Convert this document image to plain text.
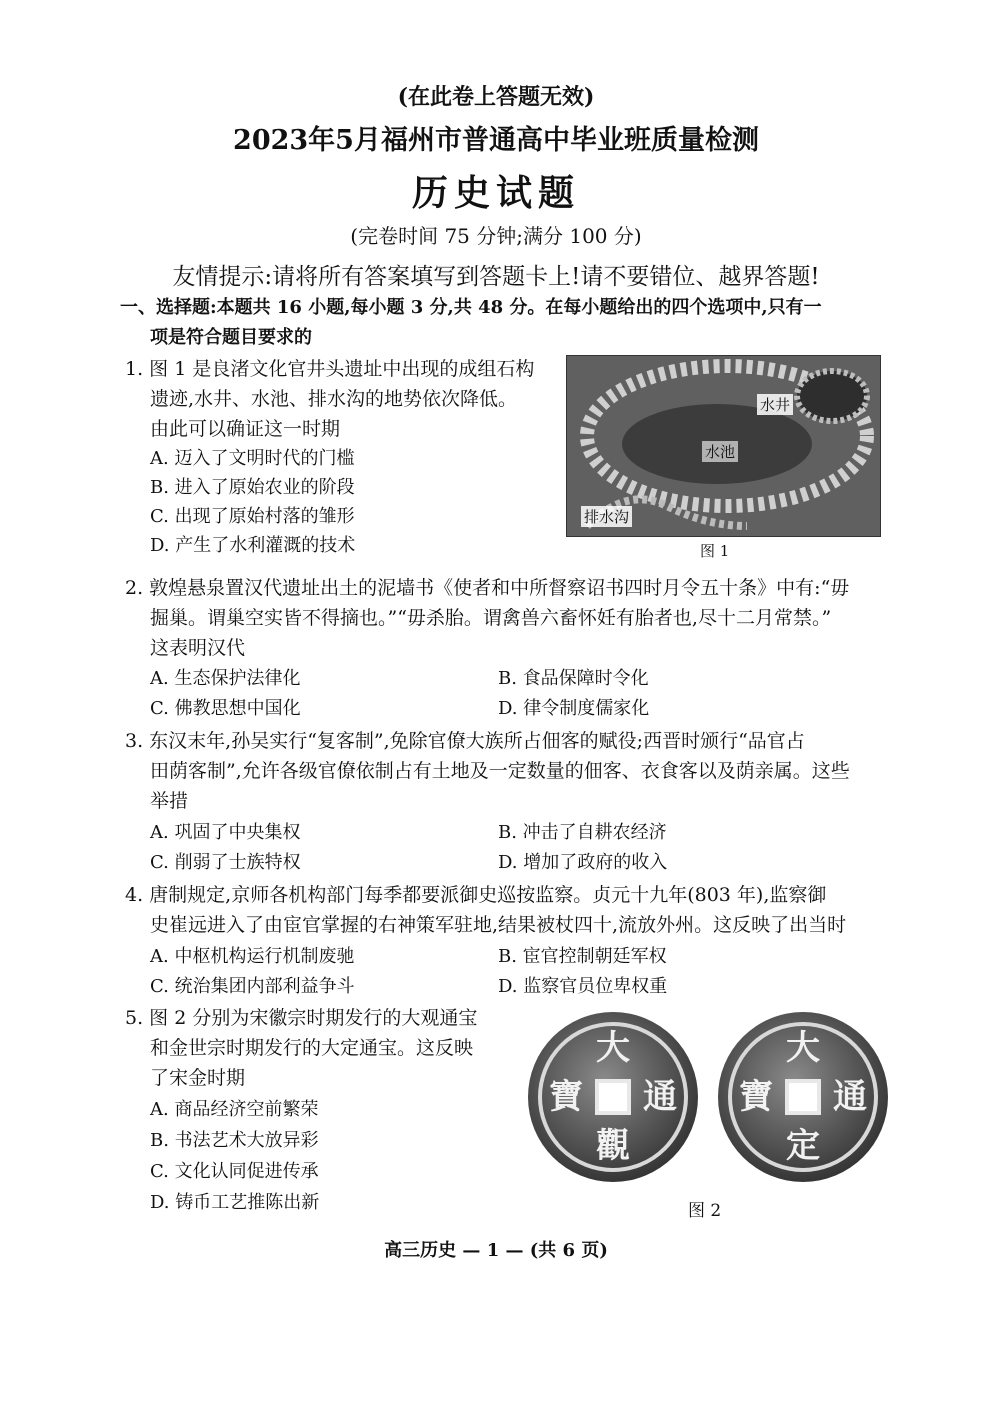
(在此卷上答题无效)
2023年5月福州市普通高中毕业班质量检测
历史试题
(完卷时间 75 分钟;满分 100 分)
友情提示:请将所有答案填写到答题卡上!请不要错位、越界答题!
一、选择题:本题共 16 小题,每小题 3 分,共 48 分。在每小题给出的四个选项中,只有一
项是符合题目要求的
1. 图 1 是良渚文化官井头遗址中出现的成组石构
遗迹,水井、水池、排水沟的地势依次降低。
由此可以确证这一时期
A. 迈入了文明时代的门槛
B. 进入了原始农业的阶段
C. 出现了原始村落的雏形
D. 产生了水利灌溉的技术
水井
水池
排水沟
图 1
2. 敦煌悬泉置汉代遗址出土的泥墙书《使者和中所督察诏书四时月令五十条》中有:“毋
掘巢。谓巢空实皆不得摘也。”“毋杀胎。谓禽兽六畜怀妊有胎者也,尽十二月常禁。”
这表明汉代
A. 生态保护法律化	B. 食品保障时令化
C. 佛教思想中国化	D. 律令制度儒家化
3. 东汉末年,孙吴实行“复客制”,免除官僚大族所占佃客的赋役;西晋时颁行“品官占
田荫客制”,允许各级官僚依制占有土地及一定数量的佃客、衣食客以及荫亲属。这些
举措
A. 巩固了中央集权	B. 冲击了自耕农经济
C. 削弱了士族特权	D. 增加了政府的收入
4. 唐制规定,京师各机构部门每季都要派御史巡按监察。贞元十九年(803 年),监察御
史崔远进入了由宦官掌握的右神策军驻地,结果被杖四十,流放外州。这反映了出当时
A. 中枢机构运行机制废驰	B. 宦官控制朝廷军权
C. 统治集团内部利益争斗	D. 监察官员位卑权重
5. 图 2 分别为宋徽宗时期发行的大观通宝
和金世宗时期发行的大定通宝。这反映
了宋金时期
A. 商品经济空前繁荣
B. 书法艺术大放异彩
C. 文化认同促进传承
D. 铸币工艺推陈出新
大
通
觀
寶
大
通
定
寶
图 2
高三历史 — 1 — (共 6 页)
